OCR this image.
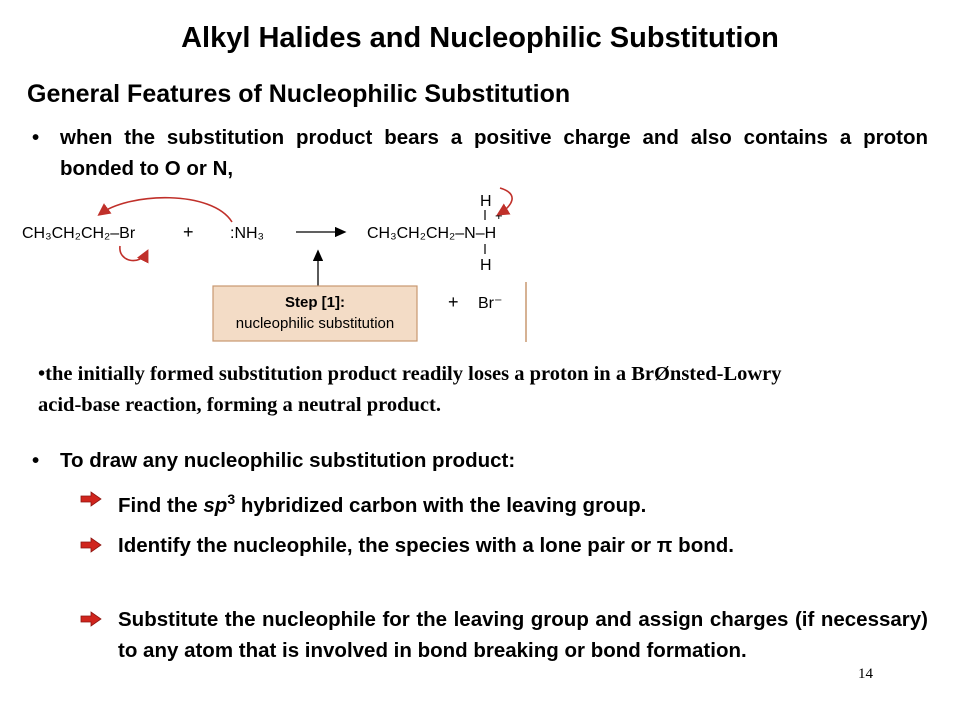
Alkyl Halides and Nucleophilic Substitution
General Features of Nucleophilic Substitution
•	when the substitution product bears a positive charge and also contains a proton bonded to O or N,
CH₃CH₂CH₂–Br	+ :NH₃	CH₃CH₂CH₂–N–H
H
+
H
Step [1]:
nucleophilic substitution
+ Br⁻
•the initially formed substitution product readily loses a proton in a BrØnsted-Lowry acid-base reaction, forming a neutral product.
• To draw any nucleophilic substitution product:
Find the $sp^3$ hybridized carbon with the leaving group.
Identify the nucleophile, the species with a lone pair or π bond.
Substitute the nucleophile for the leaving group and assign charges (if necessary) to any atom that is involved in bond breaking or bond formation.
14
